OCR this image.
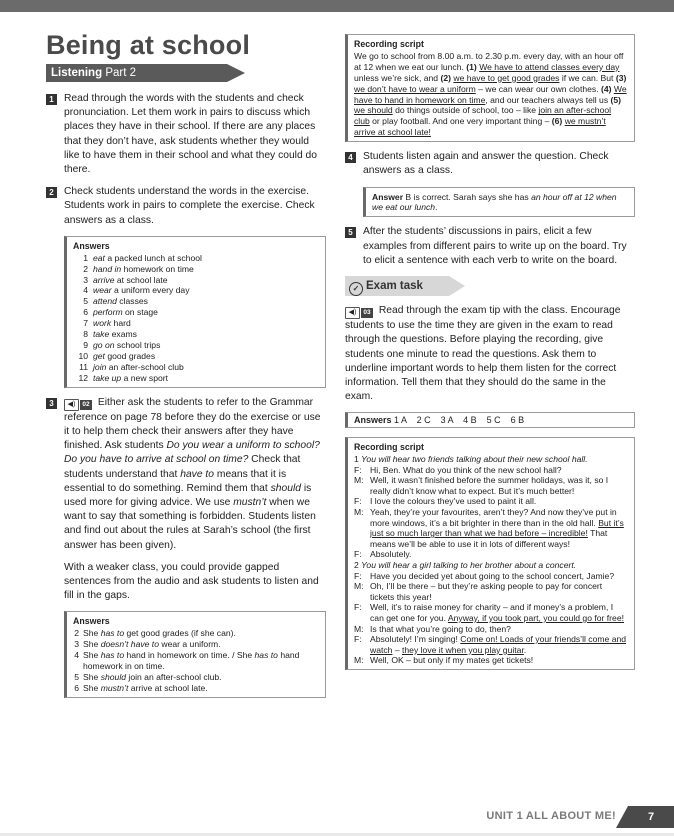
Being at school
Listening Part 2
1 Read through the words with the students and check pronunciation. Let them work in pairs to discuss which places they have in their school. If there are any places that they don’t have, ask students whether they would like to have them in their school and what they could do there.
2 Check students understand the words in the exercise. Students work in pairs to complete the exercise. Check answers as a class.
Answers
1 eat a packed lunch at school
2 hand in homework on time
3 arrive at school late
4 wear a uniform every day
5 attend classes
6 perform on stage
7 work hard
8 take exams
9 go on school trips
10 get good grades
11 join an after-school club
12 take up a new sport
3	◀) 02 Either ask the students to refer to the Grammar reference on page 78 before they do the exercise or use it to help them check their answers after they have finished. Ask students Do you wear a uniform to school? Do you have to arrive at school on time? Check that students understand that have to means that it is essential to do something. Remind them that should is used more for giving advice. We use mustn’t when we want to say that something is forbidden. Students listen and find out about the rules at Sarah’s school (the first answer has been given).

With a weaker class, you could provide gapped sentences from the audio and ask students to listen and fill in the gaps.

Answers
2 She has to get good grades (if she can).
3 She doesn’t have to wear a uniform.
4 She has to hand in homework on time. / She has to hand homework in on time.
5 She should join an after-school club.
6 She mustn’t arrive at school late.
Recording script
We go to school from 8.00 a.m. to 2.30 p.m. every day, with an hour off at 12 when we eat our lunch. (1) We have to attend classes every day unless we’re sick, and (2) we have to get good grades if we can. But (3) we don’t have to wear a uniform – we can wear our own clothes. (4) We have to hand in homework on time, and our teachers always tell us (5) we should do things outside of school, too – like join an after-school club or play football. And one very important thing – (6) we mustn’t arrive at school late!
4 Students listen again and answer the question. Check answers as a class.
Answer B is correct. Sarah says she has an hour off at 12 when we eat our lunch.
5 After the students’ discussions in pairs, elicit a few examples from different pairs to write up on the board. Try to elicit a sentence with each verb to write on the board.
✓ Exam task
◀) 03 Read through the exam tip with the class. Encourage students to use the time they are given in the exam to read through the questions. Before playing the recording, give students one minute to read the questions. Ask them to underline important words to help them listen for the correct information. Tell them that they should do the same in the exam.
Answers 1 A    2 C    3 A    4 B    5 C    6 B
Recording script
1 You will hear two friends talking about their new school hall.
F: Hi, Ben. What do you think of the new school hall?
M: Well, it wasn’t finished before the summer holidays, was it, so I really didn’t know what to expect. But it’s much better!
F: I love the colours they’ve used to paint it all.
M: Yeah, they’re your favourites, aren’t they? And now they’ve put in more windows, it’s a bit brighter in there than in the old hall. But it’s just so much larger than what we had before – incredible! That means we’ll be able to use it in lots of different ways!
F: Absolutely.
2 You will hear a girl talking to her brother about a concert.
F: Have you decided yet about going to the school concert, Jamie?
M: Oh, I’ll be there – but they’re asking people to pay for concert tickets this year!
F: Well, it’s to raise money for charity – and if money’s a problem, I can get one for you. Anyway, if you took part, you could go for free!
M: Is that what you’re going to do, then?
F: Absolutely! I’m singing! Come on! Loads of your friends’ll come and watch – they love it when you play guitar.
M: Well, OK – but only if my mates get tickets!
UNIT 1 ALL ABOUT ME!	7
